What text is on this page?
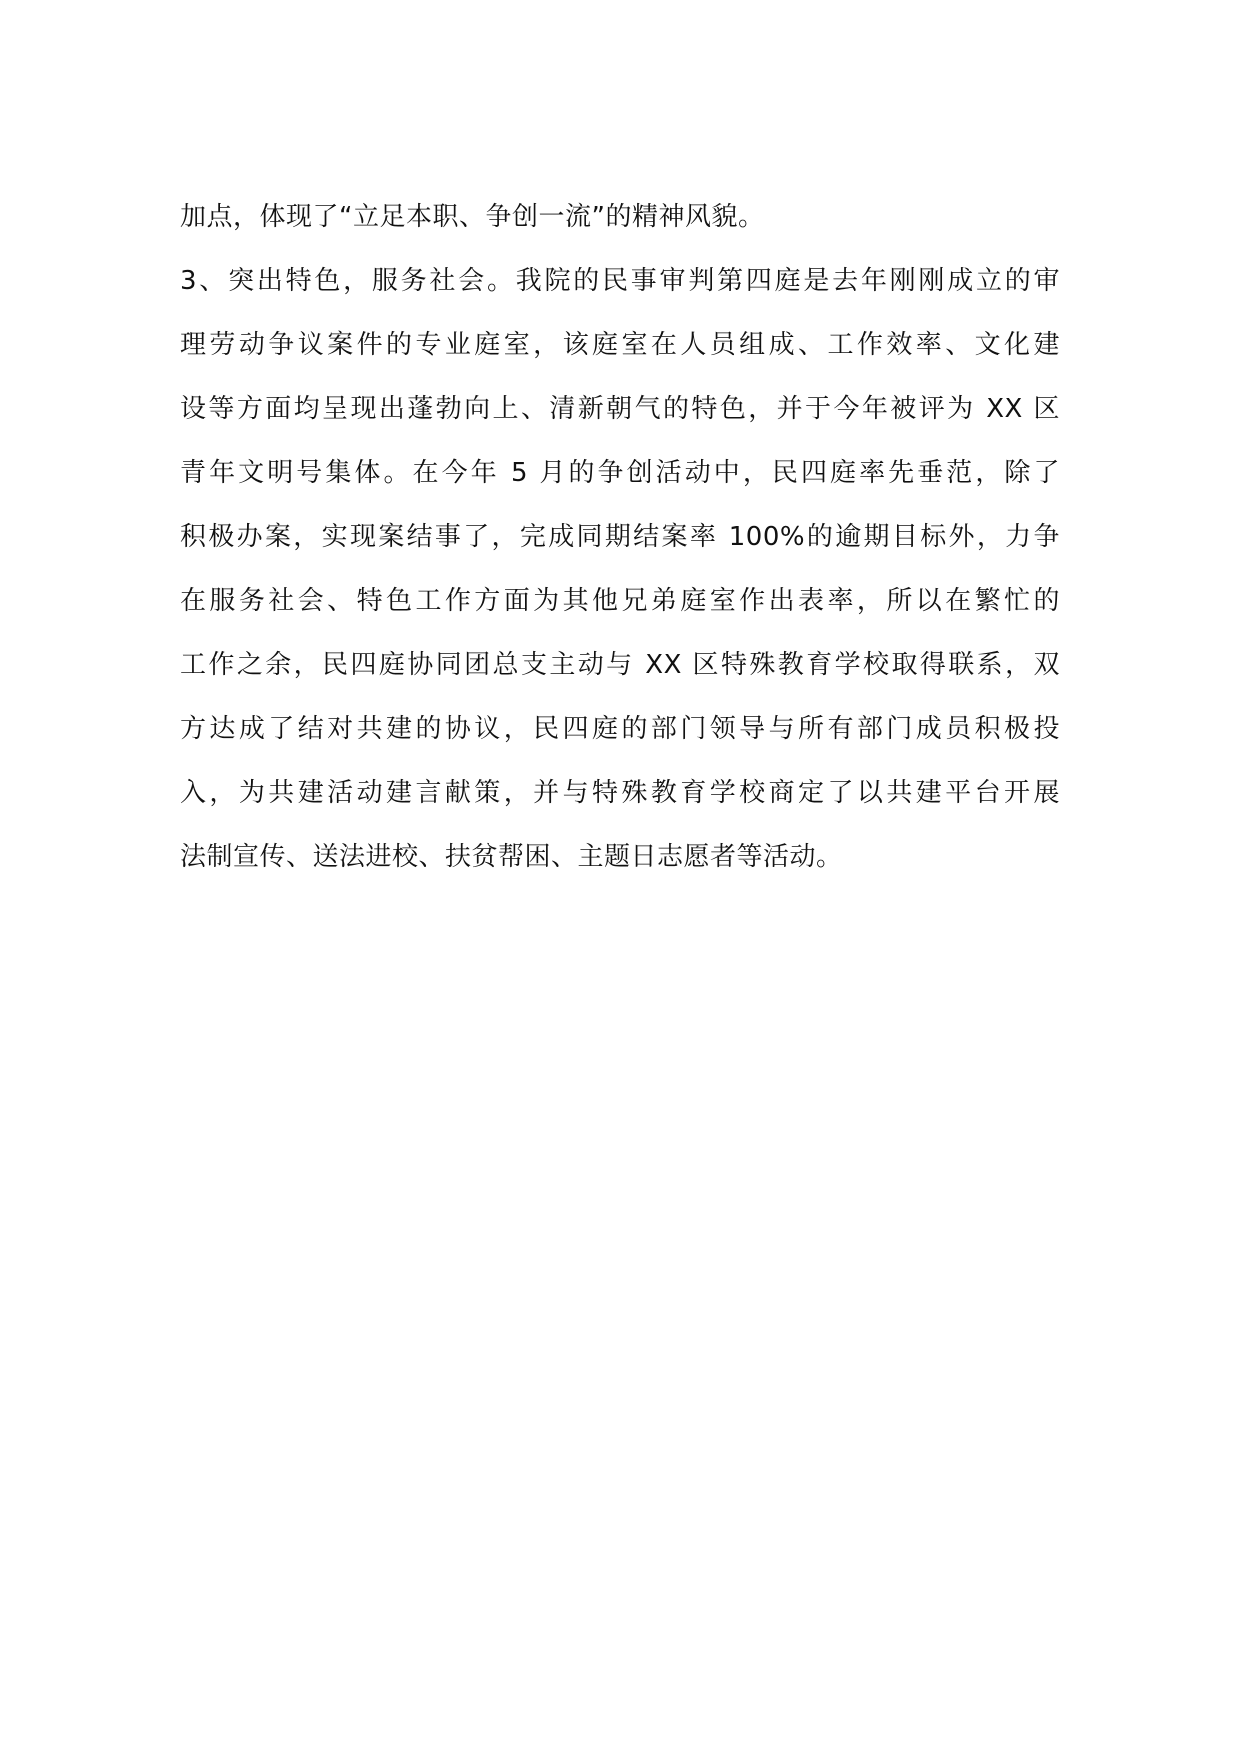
加点，体现了“立足本职、争创一流”的精神风貌。
3、突出特色，服务社会。我院的民事审判第四庭是去年刚刚成立的审
理劳动争议案件的专业庭室，该庭室在人员组成、工作效率、文化建
设等方面均呈现出蓬勃向上、清新朝气的特色，并于今年被评为 XX 区
青年文明号集体。在今年 5 月的争创活动中，民四庭率先垂范，除了
积极办案，实现案结事了，完成同期结案率 100%的逾期目标外，力争
在服务社会、特色工作方面为其他兄弟庭室作出表率，所以在繁忙的
工作之余，民四庭协同团总支主动与 XX 区特殊教育学校取得联系，双
方达成了结对共建的协议，民四庭的部门领导与所有部门成员积极投
入，为共建活动建言献策，并与特殊教育学校商定了以共建平台开展
法制宣传、送法进校、扶贫帮困、主题日志愿者等活动。
